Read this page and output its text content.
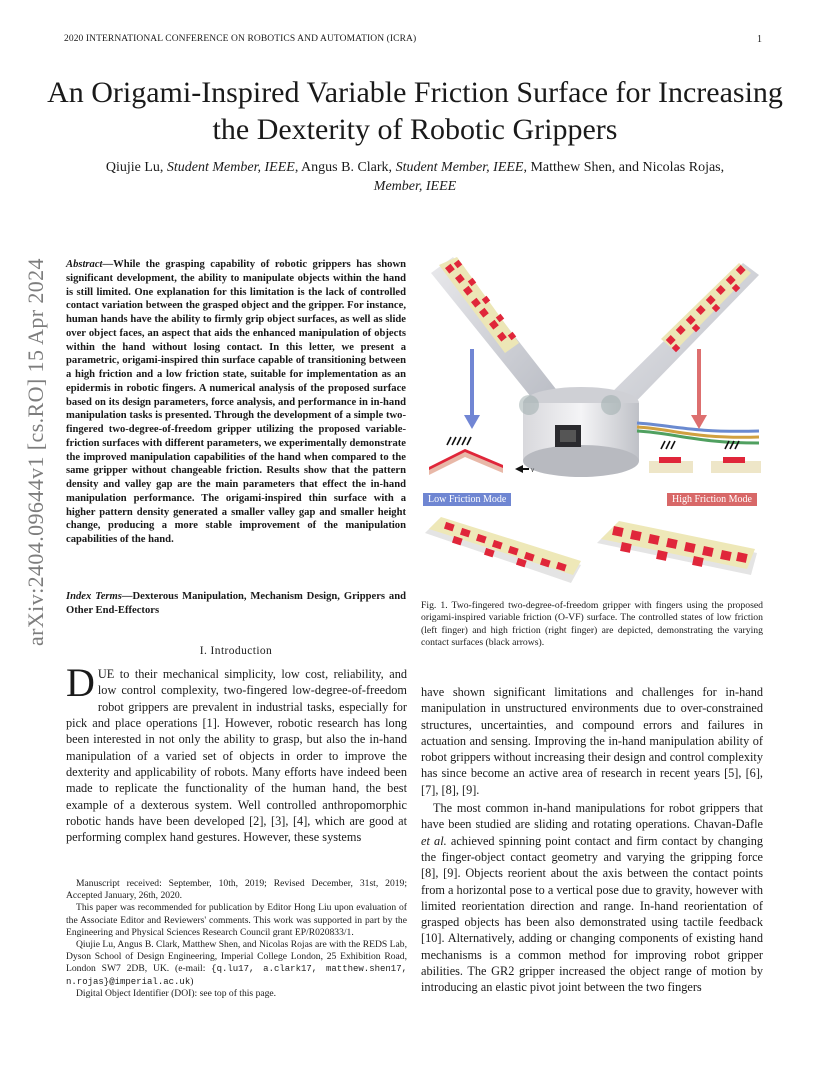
2020 INTERNATIONAL CONFERENCE ON ROBOTICS AND AUTOMATION (ICRA)	1
An Origami-Inspired Variable Friction Surface for Increasing the Dexterity of Robotic Grippers
Qiujie Lu, Student Member, IEEE, Angus B. Clark, Student Member, IEEE, Matthew Shen, and Nicolas Rojas,
Member, IEEE
arXiv:2404.09644v1 [cs.RO] 15 Apr 2024	Abstract—While the grasping capability of robotic grippers has shown significant development, the ability to manipulate objects within the hand is still limited. One explanation for this limitation is the lack of controlled contact variation between the grasped object and the gripper. For instance, human hands have the ability to firmly grip object surfaces, as well as slide over object faces, an aspect that aids the enhanced manipulation of objects within the hand without losing contact. In this letter, we present a parametric, origami-inspired thin surface capable of transitioning between a high friction and a low friction state, suitable for implementation as an epidermis in robotic fingers. A numerical analysis of the proposed surface based on its design parameters, force analysis, and performance in in-hand manipulation tasks is presented. Through the development of a simple two-fingered two-degree-of-freedom gripper utilizing the proposed variable-friction surfaces with different parameters, we experimentally demonstrate the improved manipulation capabilities of the hand when compared to the same gripper without changeable friction. Results show that the pattern density and valley gap are the main parameters that effect the in-hand manipulation performance. The origami-inspired thin surface with a higher pattern density generated a smaller valley gap and smaller height change, producing a more stable improvement of the manipulation capabilities of the hand.
Index Terms—Dexterous Manipulation, Mechanism Design, Grippers and Other End-Effectors
I. Introduction
DUE to their mechanical simplicity, low cost, reliability, and low control complexity, two-fingered low-degree-of-freedom robot grippers are prevalent in industrial tasks, especially for pick and place operations [1]. However, robotic research has long been interested in not only the ability to grasp, but also the in-hand manipulation of a varied set of objects in order to improve the dexterity and applicability of robots. Many efforts have indeed been made to replicate the functionality of the human hand, the best example of a dexterous system. Well controlled anthropomorphic robotic hands have been developed [2], [3], [4], which are good at performing complex hand gestures. However, these systems

Manuscript received: September, 10th, 2019; Revised December, 31st, 2019; Accepted January, 26th, 2020.

This paper was recommended for publication by Editor Hong Liu upon evaluation of the Associate Editor and Reviewers' comments. This work was supported in part by the Engineering and Physical Sciences Research Council grant EP/R020833/1.

Qiujie Lu, Angus B. Clark, Matthew Shen, and Nicolas Rojas are with the REDS Lab, Dyson School of Design Engineering, Imperial College London, 25 Exhibition Road, London SW7 2DB, UK. (e-mail: {q.lu17, a.clark17, matthew.shen17, n.rojas}@imperial.ac.uk)

Digital Object Identifier (DOI): see top of this page.

v
Low Friction Mode	High Friction Mode
Fig. 1. Two-fingered two-degree-of-freedom gripper with fingers using the proposed origami-inspired variable friction (O-VF) surface. The controlled states of low friction (left finger) and high friction (right finger) are depicted, demonstrating the varying contact surfaces (black arrows).

have shown significant limitations and challenges for in-hand manipulation in unstructured environments due to over-constrained structures, uncertainties, and compound errors and failures in actuation and sensing. Improving the in-hand manipulation ability of robot grippers without increasing their design and control complexity has since become an active area of research in recent years [5], [6], [7], [8], [9].

The most common in-hand manipulations for robot grippers that have been studied are sliding and rotating operations. Chavan-Dafle et al. achieved spinning point contact and firm contact by changing the finger-object contact geometry and varying the gripping force [8], [9]. Objects reorient about the axis between the contact points from a horizontal pose to a vertical pose due to gravity, however with limited reorientation direction and range. In-hand reorientation of grasped objects has been also demonstrated using tactile feedback [10]. Alternatively, adding or changing components of existing hand mechanisms is a common method for improving robot gripper abilities. The GR2 gripper increased the object range of motion by introducing an elastic pivot joint between the two fingers
